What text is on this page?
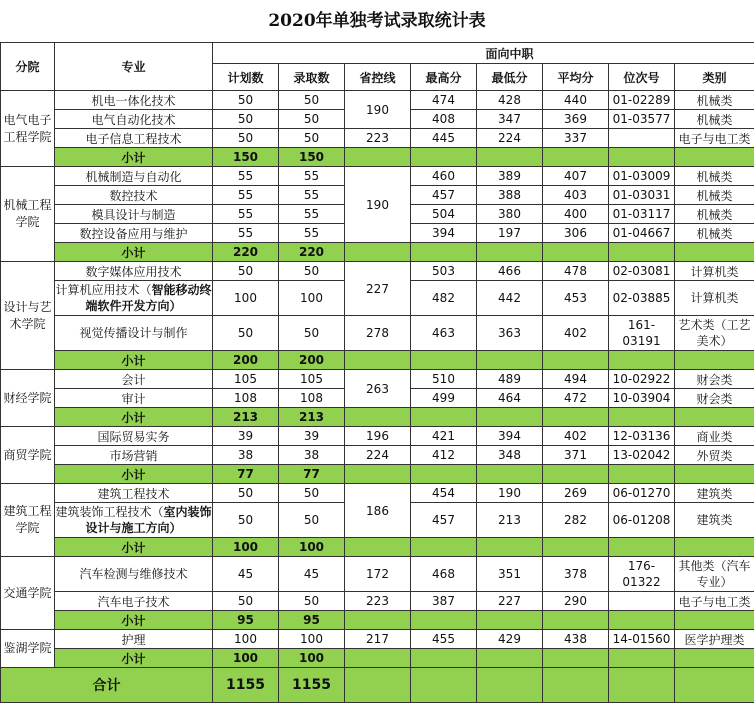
2020年单独考试录取统计表
分院	专业				面向中职				
		计划数	录取数	省控线	最高分	最低分	平均分	位次号	类别
电气电子工程学院	机电一体化技术	50	50	190	474	428	440	01-02289	机械类
	电气自动化技术	50	50		408	347	369	01-03577	机械类
	电子信息工程技术	50	50	223	445	224	337		电子与电工类
	小计	150	150						
机械工程学院	机械制造与自动化	55	55	190	460	389	407	01-03009	机械类
	数控技术	55	55		457	388	403	01-03031	机械类
	模具设计与制造	55	55		504	380	400	01-03117	机械类
	数控设备应用与维护	55	55		394	197	306	01-04667	机械类
	小计	220	220						
设计与艺术学院	数字媒体应用技术	50	50	227	503	466	478	02-03081	计算机类
	计算机应用技术（智能移动终端软件开发方向）	100	100		482	442	453	02-03885	计算机类
	视觉传播设计与制作	50	50	278	463	363	402	161-03191	艺术类（工艺美术）
	小计	200	200						
财经学院	会计	105	105	263	510	489	494	10-02922	财会类
	审计	108	108		499	464	472	10-03904	财会类
	小计	213	213						
商贸学院	国际贸易实务	39	39	196	421	394	402	12-03136	商业类
	市场营销	38	38	224	412	348	371	13-02042	外贸类
	小计	77	77						
建筑工程学院	建筑工程技术	50	50	186	454	190	269	06-01270	建筑类
	建筑装饰工程技术（室内装饰设计与施工方向）	50	50		457	213	282	06-01208	建筑类
	小计	100	100						
交通学院	汽车检测与维修技术	45	45	172	468	351	378	176-01322	其他类（汽车专业）
	汽车电子技术	50	50	223	387	227	290		电子与电工类
	小计	95	95						
鉴湖学院	护理	100	100	217	455	429	438	14-01560	医学护理类
	小计	100	100						
合计		1155	1155						
